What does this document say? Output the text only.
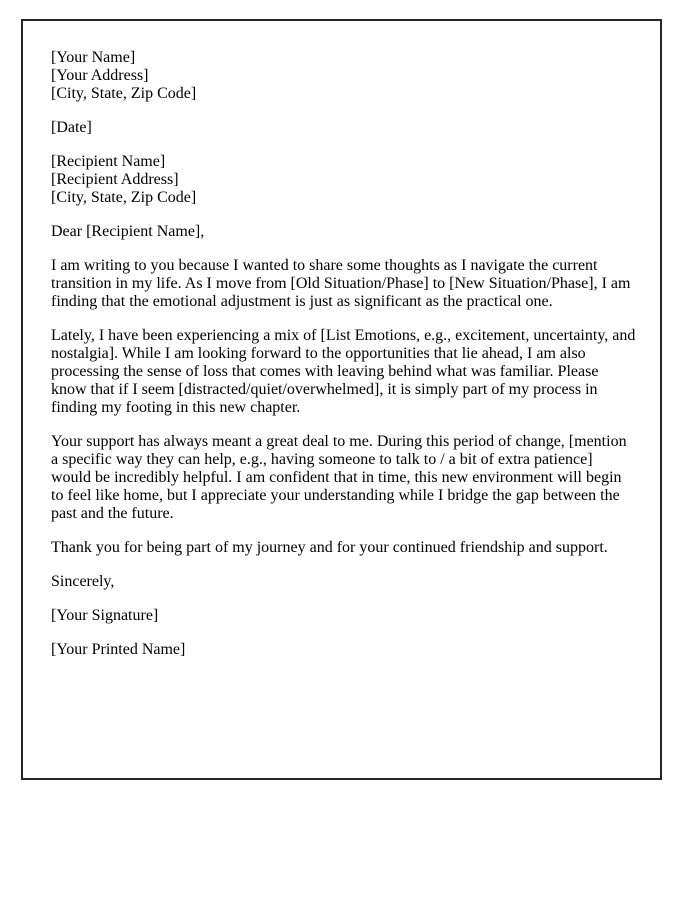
[Your Name]
[Your Address]
[City, State, Zip Code]
[Date]
[Recipient Name]
[Recipient Address]
[City, State, Zip Code]
Dear [Recipient Name],

I am writing to you because I wanted to share some thoughts as I navigate the current transition in my life. As I move from [Old Situation/Phase] to [New Situation/Phase], I am finding that the emotional adjustment is just as significant as the practical one.

Lately, I have been experiencing a mix of [List Emotions, e.g., excitement, uncertainty, and nostalgia]. While I am looking forward to the opportunities that lie ahead, I am also processing the sense of loss that comes with leaving behind what was familiar. Please know that if I seem [distracted/quiet/overwhelmed], it is simply part of my process in finding my footing in this new chapter.

Your support has always meant a great deal to me. During this period of change, [mention a specific way they can help, e.g., having someone to talk to / a bit of extra patience] would be incredibly helpful. I am confident that in time, this new environment will begin to feel like home, but I appreciate your understanding while I bridge the gap between the past and the future.

Thank you for being part of my journey and for your continued friendship and support.

Sincerely,
[Your Signature]
[Your Printed Name]
